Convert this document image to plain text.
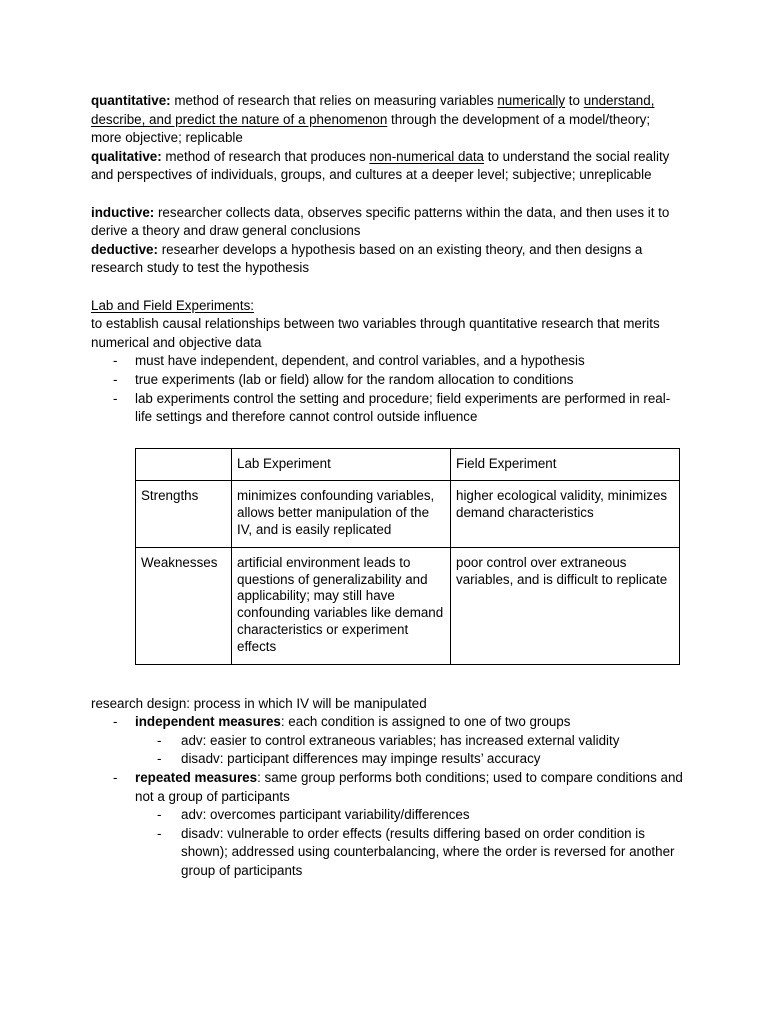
quantitative: method of research that relies on measuring variables numerically to understand, describe, and predict the nature of a phenomenon through the development of a model/theory; more objective; replicable

qualitative: method of research that produces non-numerical data to understand the social reality and perspectives of individuals, groups, and cultures at a deeper level; subjective; unreplicable

inductive: researcher collects data, observes specific patterns within the data, and then uses it to derive a theory and draw general conclusions

deductive: researher develops a hypothesis based on an existing theory, and then designs a research study to test the hypothesis

Lab and Field Experiments:

to establish causal relationships between two variables through quantitative research that merits numerical and objective data

- must have independent, dependent, and control variables, and a hypothesis
- true experiments (lab or field) allow for the random allocation to conditions
- lab experiments control the setting and procedure; field experiments are performed in real-life settings and therefore cannot control outside influence
	Lab Experiment	Field Experiment
Strengths	minimizes confounding variables, allows better manipulation of the IV, and is easily replicated	higher ecological validity, minimizes demand characteristics
Weaknesses	artificial environment leads to questions of generalizability and applicability; may still have confounding variables like demand characteristics or experiment effects	poor control over extraneous variables, and is difficult to replicate

research design: process in which IV will be manipulated

- independent measures: each condition is assigned to one of two groups
- adv: easier to control extraneous variables; has increased external validity
- disadv: participant differences may impinge results’ accuracy
- repeated measures: same group performs both conditions; used to compare conditions and not a group of participants
- adv: overcomes participant variability/differences
- disadv: vulnerable to order effects (results differing based on order condition is shown); addressed using counterbalancing, where the order is reversed for another group of participants
